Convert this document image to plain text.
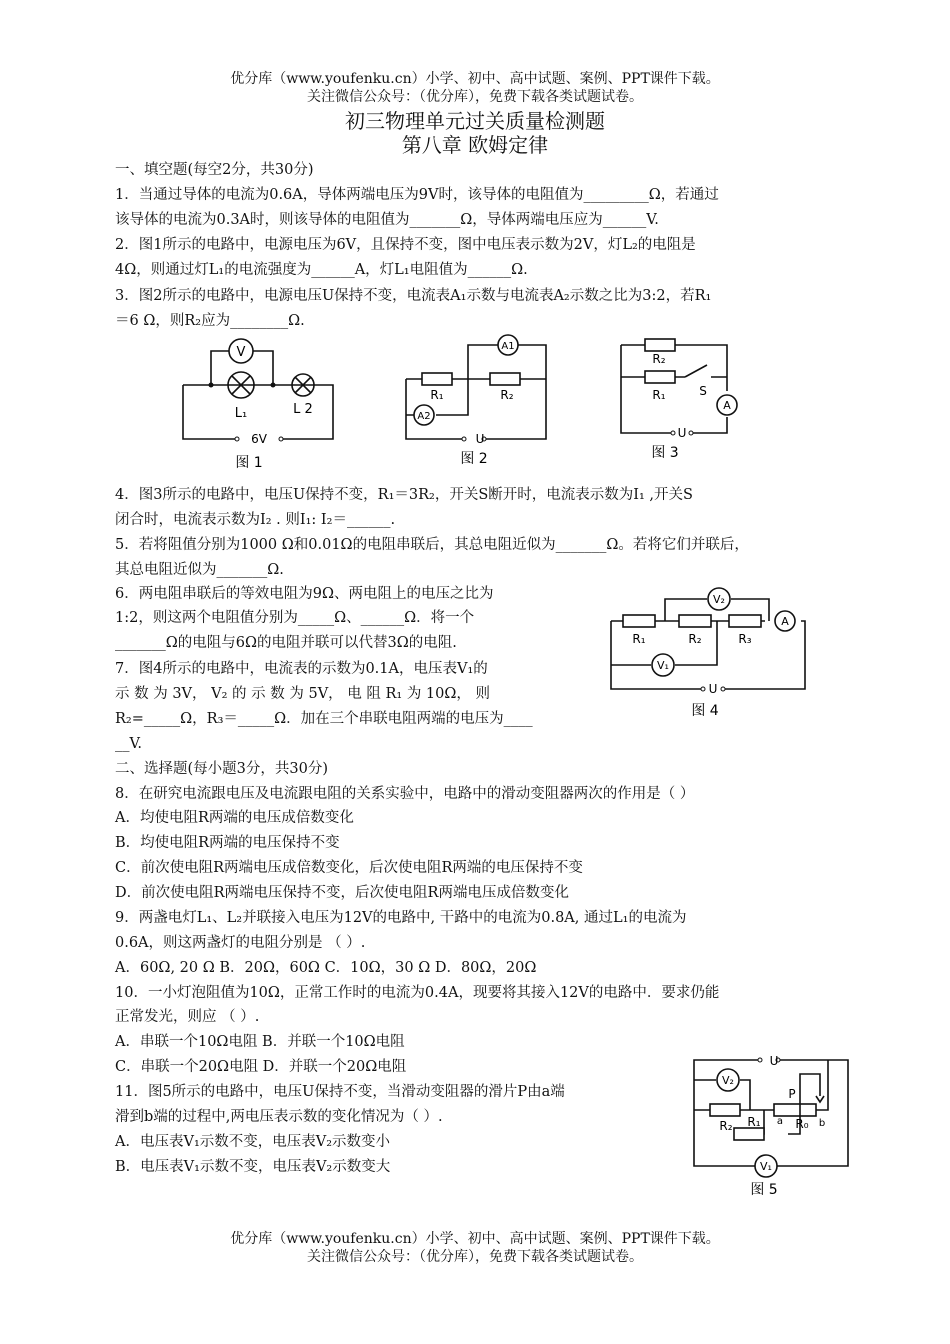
优分库（www.youfenku.cn）小学、初中、高中试题、案例、PPT课件下载。
关注微信公众号：（优分库），免费下载各类试题试卷。
初三物理单元过关质量检测题
第八章 欧姆定律
一、填空题(每空2分，共30分)
1．当通过导体的电流为0.6A，导体两端电压为9V时，该导体的电阻值为_________Ω，若通过
该导体的电流为0.3A时，则该导体的电阻值为_______Ω，导体两端电压应为______V.
2．图1所示的电路中，电源电压为6V，且保持不变，图中电压表示数为2V，灯L₂的电阻是
4Ω，则通过灯L₁的电流强度为______A，灯L₁电阻值为______Ω.
3．图2所示的电路中，电源电压U保持不变，电流表A₁示数与电流表A₂示数之比为3:2，若R₁
＝6 Ω，则R₂应为________Ω.
V
L₁	L 2
6V
图 1
A1
A2
R₁	R₂
U
图 2
R₂
R₁	S
A
U
图 3
4．图3所示的电路中，电压U保持不变，R₁＝3R₂，开关S断开时，电流表示数为I₁ ,开关S
闭合时，电流表示数为I₂ . 则I₁: I₂＝______.
5．若将阻值分别为1000 Ω和0.01Ω的电阻串联后，其总电阻近似为_______Ω。若将它们并联后，
其总电阻近似为_______Ω.
6．两电阻串联后的等效电阻为9Ω、两电阻上的电压之比为
1:2，则这两个电阻值分别为_____Ω、______Ω．将一个
_______Ω的电阻与6Ω的电阻并联可以代替3Ω的电阻.
7．图4所示的电路中，电流表的示数为0.1A，电压表V₁的
示 数 为 3V， V₂ 的 示 数 为 5V， 电 阻 R₁ 为 10Ω， 则
R₂=_____Ω，R₃＝_____Ω．加在三个串联电阻两端的电压为____
__V.
V₂
V₁
R₁	R₂	R₃
A
U
图 4
二、选择题(每小题3分，共30分)
8．在研究电流跟电压及电流跟电阻的关系实验中，电路中的滑动变阻器两次的作用是（ ）
A．均使电阻R两端的电压成倍数变化
B．均使电阻R两端的电压保持不变
C．前次使电阻R两端电压成倍数变化，后次使电阻R两端的电压保持不变
D．前次使电阻R两端电压保持不变，后次使电阻R两端电压成倍数变化
9．两盏电灯L₁、L₂并联接入电压为12V的电路中, 干路中的电流为0.8A, 通过L₁的电流为
0.6A，则这两盏灯的电阻分别是 （ ）.
A．60Ω, 20 Ω B．20Ω，60Ω C．10Ω，30 Ω D．80Ω，20Ω
10．一小灯泡阻值为10Ω，正常工作时的电流为0.4A，现要将其接入12V的电路中．要求仍能
正常发光，则应 （ ）.
A．串联一个10Ω电阻 B．并联一个10Ω电阻
C．串联一个20Ω电阻 D．并联一个20Ω电阻
11．图5所示的电路中，电压U保持不变，当滑动变阻器的滑片P由a端
滑到b端的过程中,两电压表示数的变化情况为（ ）.
A．电压表V₁示数不变，电压表V₂示数变小
B．电压表V₁示数不变，电压表V₂示数变大
V₂
V₁
R₂ R₁	R₀
P
a	b
U
图 5
优分库（www.youfenku.cn）小学、初中、高中试题、案例、PPT课件下载。
关注微信公众号：（优分库），免费下载各类试题试卷。
